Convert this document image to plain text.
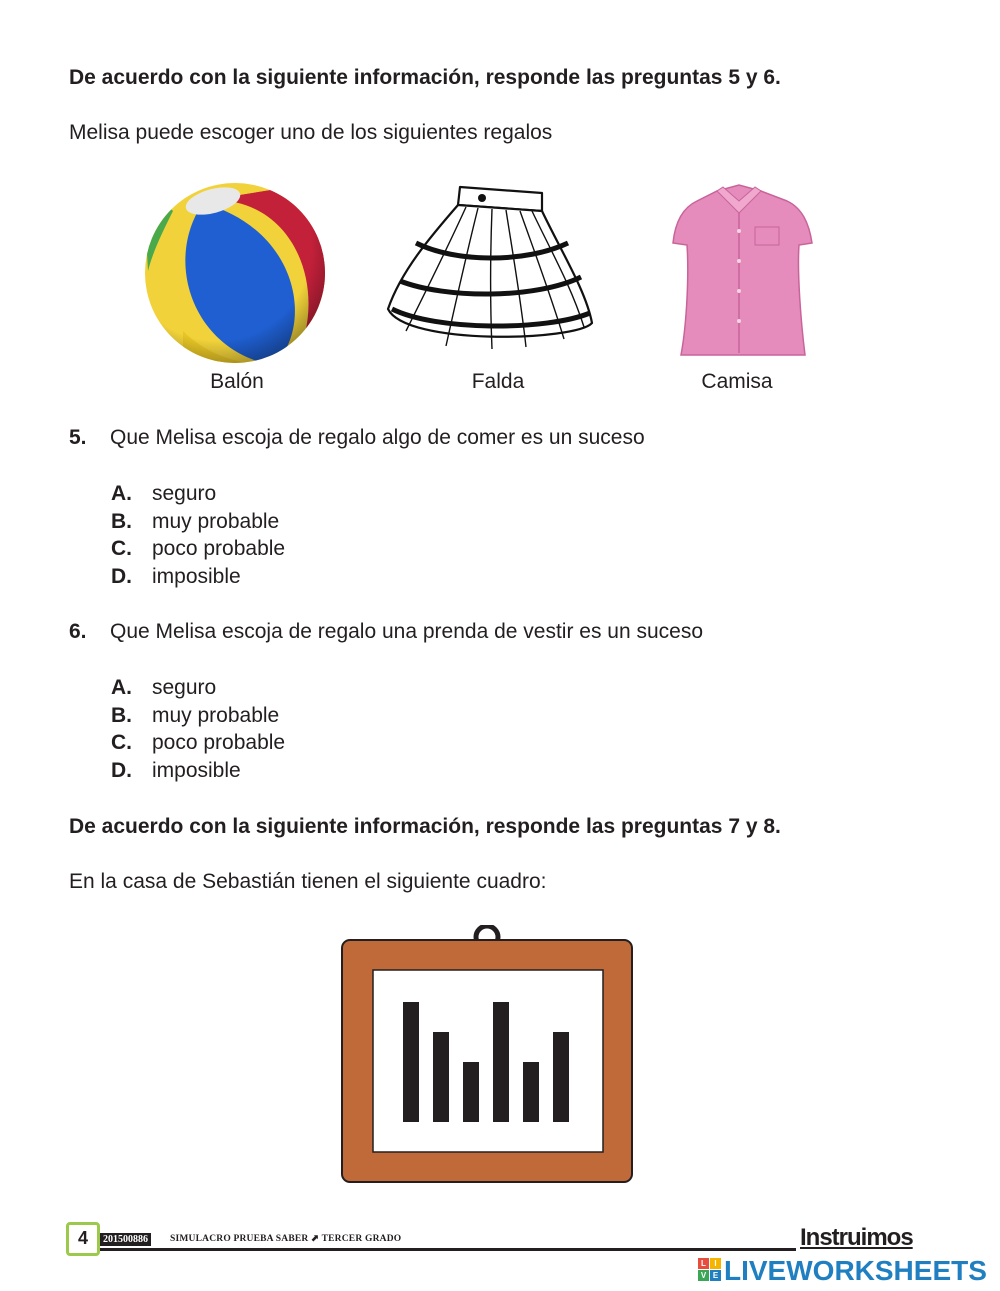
De acuerdo con la siguiente información, responde las preguntas 5 y 6.
Melisa puede escoger uno de los siguientes regalos
Balón	Falda	Camisa
5. Que Melisa escoja de regalo algo de comer es un suceso
A. seguro
B. muy probable
C. poco probable
D. imposible
6. Que Melisa escoja de regalo una prenda de vestir es un suceso
A. seguro
B. muy probable
C. poco probable
D. imposible
De acuerdo con la siguiente información, responde las preguntas 7 y 8.
En la casa de Sebastián tienen el siguiente cuadro:
4	201500886	SIMULACRO PRUEBA SABER ⬈ TERCER GRADO	Instruimos
L	I
V E LIVEWORKSHEETS
